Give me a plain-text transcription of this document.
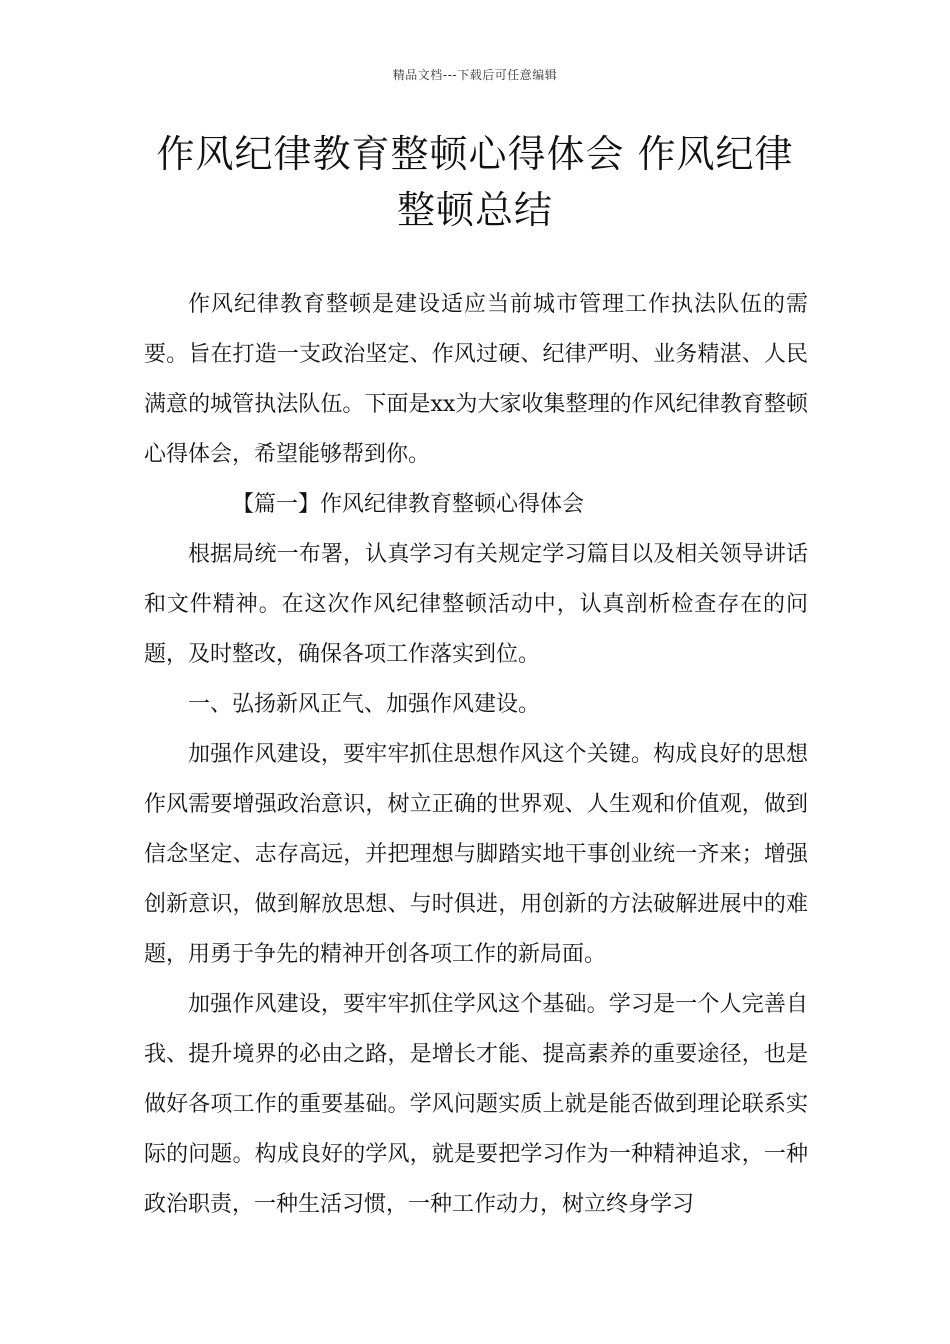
精品文档---下载后可任意编辑
作风纪律教育整顿心得体会 作风纪律整顿总结

作风纪律教育整顿是建设适应当前城市管理工作执法队伍的需要。旨在打造一支政治坚定、作风过硬、纪律严明、业务精湛、人民满意的城管执法队伍。下面是xx为大家收集整理的作风纪律教育整顿心得体会，希望能够帮到你。

【篇一】作风纪律教育整顿心得体会

根据局统一布署，认真学习有关规定学习篇目以及相关领导讲话和文件精神。在这次作风纪律整顿活动中，认真剖析检查存在的问题，及时整改，确保各项工作落实到位。

一、弘扬新风正气、加强作风建设。

加强作风建设，要牢牢抓住思想作风这个关键。构成良好的思想作风需要增强政治意识，树立正确的世界观、人生观和价值观，做到信念坚定、志存高远，并把理想与脚踏实地干事创业统一齐来；增强创新意识，做到解放思想、与时俱进，用创新的方法破解进展中的难题，用勇于争先的精神开创各项工作的新局面。

加强作风建设，要牢牢抓住学风这个基础。学习是一个人完善自我、提升境界的必由之路，是增长才能、提高素养的重要途径，也是做好各项工作的重要基础。学风问题实质上就是能否做到理论联系实际的问题。构成良好的学风，就是要把学习作为一种精神追求，一种政治职责，一种生活习惯，一种工作动力，树立终身学习
